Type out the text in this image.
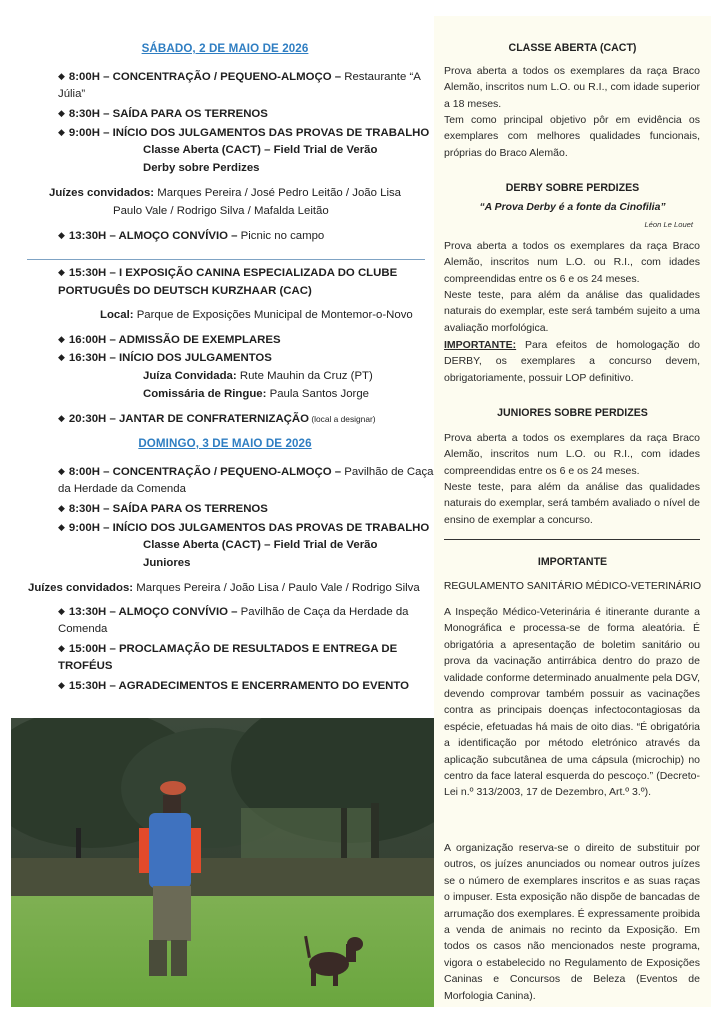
SÁBADO, 2 DE MAIO DE 2026
◆ 8:00H – CONCENTRAÇÃO / PEQUENO-ALMOÇO – Restaurante “A
Júlia”
◆ 8:30H – SAÍDA PARA OS TERRENOS
◆ 9:00H – INÍCIO DOS JULGAMENTOS DAS PROVAS DE TRABALHO
Classe Aberta (CACT) – Field Trial de Verão
Derby sobre Perdizes
Juízes convidados: Marques Pereira / José Pedro Leitão / João Lisa
Paulo Vale / Rodrigo Silva / Mafalda Leitão
◆ 13:30H – ALMOÇO CONVÍVIO – Picnic no campo
◆ 15:30H – I EXPOSIÇÃO CANINA ESPECIALIZADA DO CLUBE
PORTUGUÊS DO DEUTSCH KURZHAAR (CAC)
Local: Parque de Exposições Municipal de Montemor-o-Novo
◆ 16:00H – ADMISSÃO DE EXEMPLARES
◆ 16:30H – INÍCIO DOS JULGAMENTOS
Juíza Convidada: Rute Mauhin da Cruz (PT)
Comissária de Ringue: Paula Santos Jorge
◆ 20:30H – JANTAR DE CONFRATERNIZAÇÃO (local a designar)
DOMINGO, 3 DE MAIO DE 2026
◆ 8:00H – CONCENTRAÇÃO / PEQUENO-ALMOÇO – Pavilhão de Caça
da Herdade da Comenda
◆ 8:30H – SAÍDA PARA OS TERRENOS
◆ 9:00H – INÍCIO DOS JULGAMENTOS DAS PROVAS DE TRABALHO
Classe Aberta (CACT) – Field Trial de Verão
Juniores
Juízes convidados: Marques Pereira / João Lisa / Paulo Vale / Rodrigo Silva
◆ 13:30H – ALMOÇO CONVÍVIO – Pavilhão de Caça da Herdade da
Comenda
◆ 15:00H – PROCLAMAÇÃO DE RESULTADOS E ENTREGA DE
TROFÉUS
◆ 15:30H – AGRADECIMENTOS E ENCERRAMENTO DO EVENTO
CLASSE ABERTA (CACT)
Prova aberta a todos os exemplares da raça Braco Alemão, inscritos num L.O. ou R.I., com idade superior a 18 meses.
Tem como principal objetivo pôr em evidência os exemplares com melhores qualidades funcionais, próprias do Braco Alemão.
DERBY SOBRE PERDIZES
“A Prova Derby é a fonte da Cinofilia”
Léon Le Louet
Prova aberta a todos os exemplares da raça Braco Alemão, inscritos num L.O. ou R.I., com idades compreendidas entre os 6 e os 24 meses.
Neste teste, para além da análise das qualidades naturais do exemplar, este será também sujeito a uma avaliação morfológica.
IMPORTANTE: Para efeitos de homologação do DERBY, os exemplares a concurso devem, obrigatoriamente, possuir LOP definitivo.
JUNIORES SOBRE PERDIZES
Prova aberta a todos os exemplares da raça Braco Alemão, inscritos num L.O. ou R.I., com idades compreendidas entre os 6 e os 24 meses.
Neste teste, para além da análise das qualidades naturais do exemplar, será também avaliado o nível de ensino de exemplar a concurso.
IMPORTANTE
REGULAMENTO SANITÁRIO MÉDICO-VETERINÁRIO
A Inspeção Médico-Veterinária é itinerante durante a Monográfica e processa-se de forma aleatória. É obrigatória a apresentação de boletim sanitário ou prova da vacinação antirrábica dentro do prazo de validade conforme determinado anualmente pela DGV, devendo comprovar também possuir as vacinações contra as principais doenças infectocontagiosas da espécie, efetuadas há mais de oito dias. “É obrigatória a identificação por método eletrónico através da aplicação subcutânea de uma cápsula (microchip) no centro da face lateral esquerda do pescoço.” (Decreto-Lei n.º 313/2003, 17 de Dezembro, Art.º 3.º).
A organização reserva-se o direito de substituir por outros, os juízes anunciados ou nomear outros juízes se o número de exemplares inscritos e as suas raças o impuser. Esta exposição não dispõe de bancadas de arrumação dos exemplares. É expressamente proibida a venda de animais no recinto da Exposição. Em todos os casos não mencionados neste programa, vigora o estabelecido no Regulamento de Exposições Caninas e Concursos de Beleza (Eventos de Morfologia Canina).
